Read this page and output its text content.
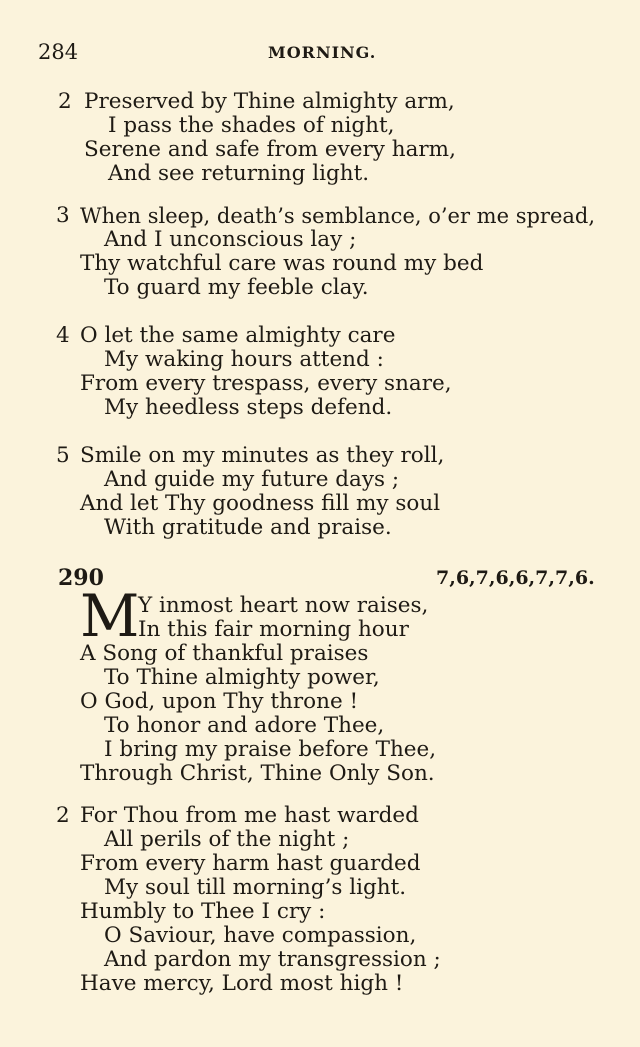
284	MORNING.
2 Preserved by Thine almighty arm,
I pass the shades of night,
Serene and safe from every harm,
And see returning light.
3 When sleep, death’s semblance, o’er me spread,
And I unconscious lay ;
Thy watchful care was round my bed
To guard my feeble clay.
4 O let the same almighty care
My waking hours attend :
From every trespass, every snare,
My heedless steps defend.
5 Smile on my minutes as they roll,
And guide my future days ;
And let Thy goodness fill my soul
With gratitude and praise.
290	7,6,7,6,6,7,7,6.
M
Y inmost heart now raises,
In this fair morning hour
A Song of thankful praises
To Thine almighty power,
O God, upon Thy throne !
To honor and adore Thee,
I bring my praise before Thee,
Through Christ, Thine Only Son.
2 For Thou from me hast warded
All perils of the night ;
From every harm hast guarded
My soul till morning’s light.
Humbly to Thee I cry :
O Saviour, have compassion,
And pardon my transgression ;
Have mercy, Lord most high !
